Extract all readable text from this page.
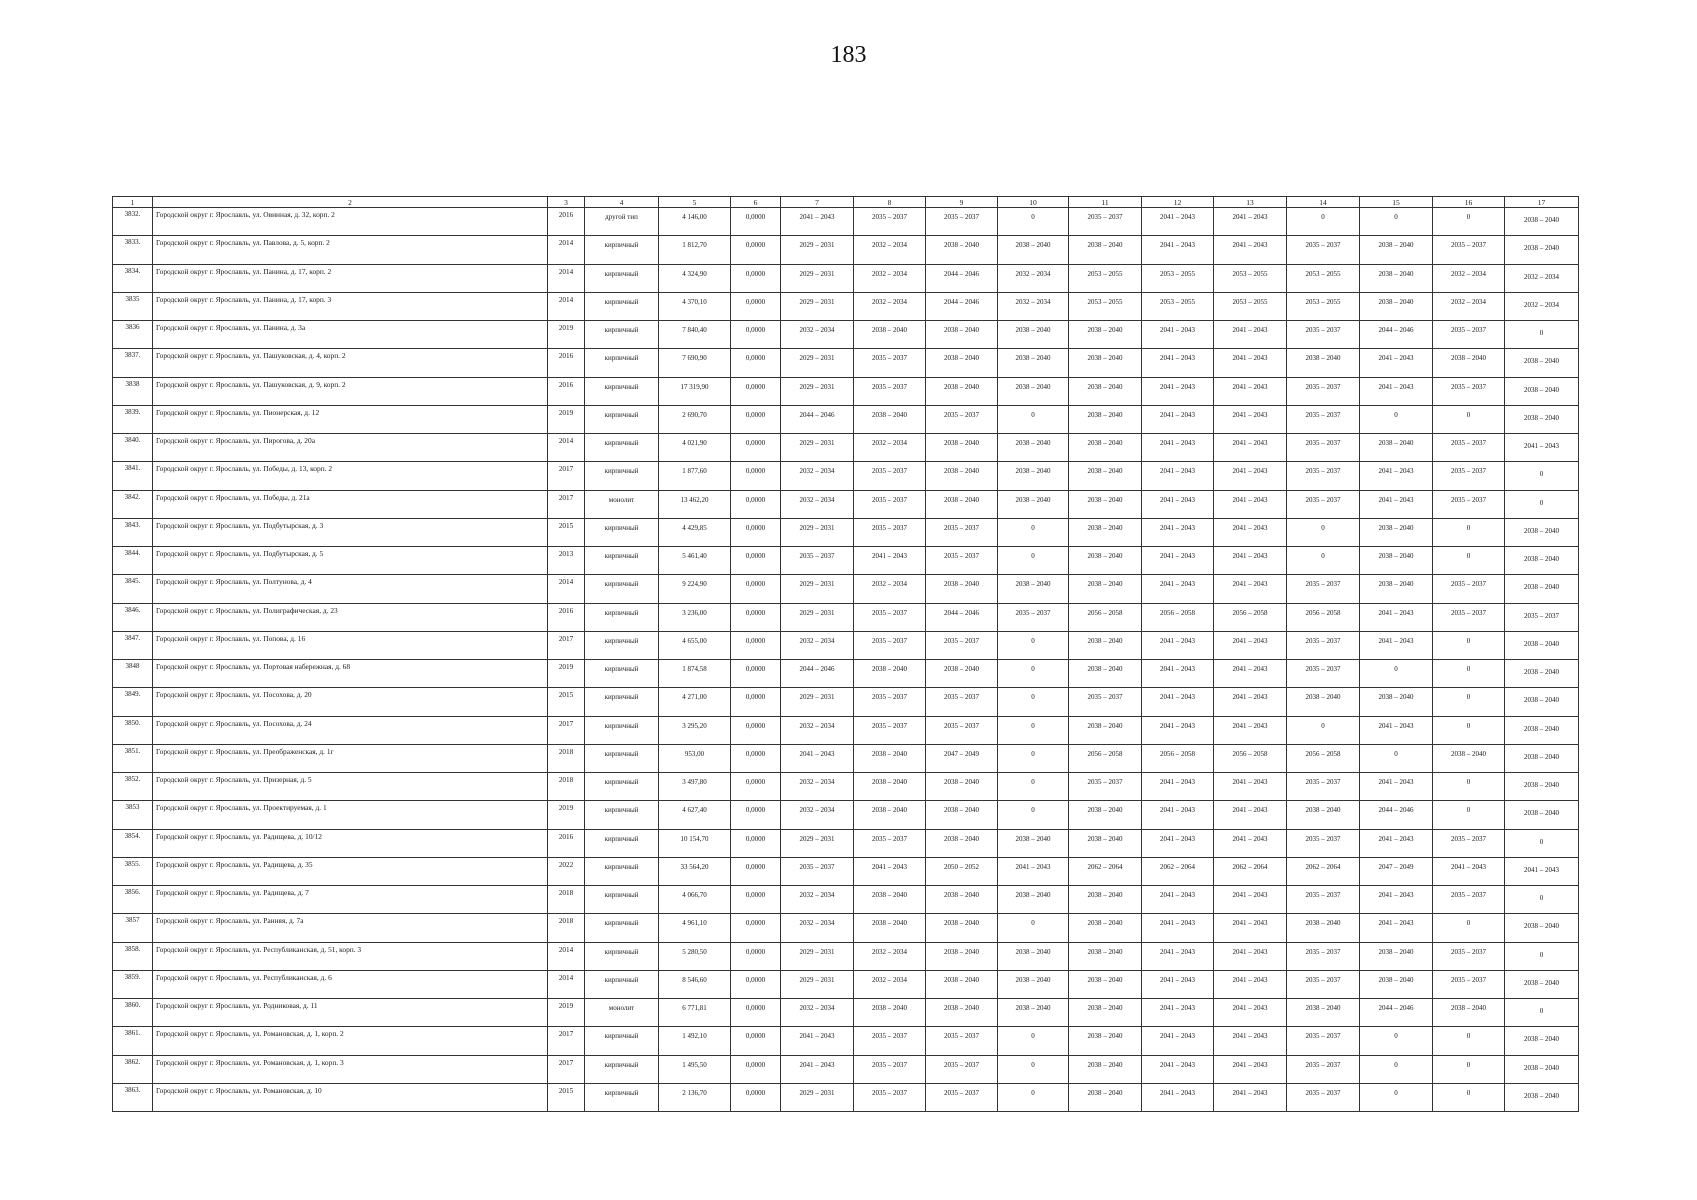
183
1	2	3	4	5	6	7	8	9	10	11	12	13	14	15	16	17
3832.	Городской округ г. Ярославль, ул. Овинная, д. 32, корп. 2	2016	другой тип	4 146,00	0,0000	2041 – 2043	2035 – 2037	2035 – 2037	0	2035 – 2037	2041 – 2043	2041 – 2043	0	0	0	2038 – 2040
3833.	Городской округ г. Ярославль, ул. Павлова, д. 5, корп. 2	2014	кирпичный	1 812,70	0,0000	2029 – 2031	2032 – 2034	2038 – 2040	2038 – 2040	2038 – 2040	2041 – 2043	2041 – 2043	2035 – 2037	2038 – 2040	2035 – 2037	2038 – 2040
3834.	Городской округ г. Ярославль, ул. Панина, д. 17, корп. 2	2014	кирпичный	4 324,90	0,0000	2029 – 2031	2032 – 2034	2044 – 2046	2032 – 2034	2053 – 2055	2053 – 2055	2053 – 2055	2053 – 2055	2038 – 2040	2032 – 2034	2032 – 2034
3835	Городской округ г. Ярославль, ул. Панина, д. 17, корп. 3	2014	кирпичный	4 370,10	0,0000	2029 – 2031	2032 – 2034	2044 – 2046	2032 – 2034	2053 – 2055	2053 – 2055	2053 – 2055	2053 – 2055	2038 – 2040	2032 – 2034	2032 – 2034
3836	Городской округ г. Ярославль, ул. Панина, д. 3а	2019	кирпичный	7 840,40	0,0000	2032 – 2034	2038 – 2040	2038 – 2040	2038 – 2040	2038 – 2040	2041 – 2043	2041 – 2043	2035 – 2037	2044 – 2046	2035 – 2037	0
3837.	Городской округ г. Ярославль, ул. Пашуковская, д. 4, корп. 2	2016	кирпичный	7 690,90	0,0000	2029 – 2031	2035 – 2037	2038 – 2040	2038 – 2040	2038 – 2040	2041 – 2043	2041 – 2043	2038 – 2040	2041 – 2043	2038 – 2040	2038 – 2040
3838	Городской округ г. Ярославль, ул. Пашуковская, д. 9, корп. 2	2016	кирпичный	17 319,90	0,0000	2029 – 2031	2035 – 2037	2038 – 2040	2038 – 2040	2038 – 2040	2041 – 2043	2041 – 2043	2035 – 2037	2041 – 2043	2035 – 2037	2038 – 2040
3839.	Городской округ г. Ярославль, ул. Пионерская, д. 12	2019	кирпичный	2 690,70	0,0000	2044 – 2046	2038 – 2040	2035 – 2037	0	2038 – 2040	2041 – 2043	2041 – 2043	2035 – 2037	0	0	2038 – 2040
3840.	Городской округ г. Ярославль, ул. Пирогова, д. 20а	2014	кирпичный	4 021,90	0,0000	2029 – 2031	2032 – 2034	2038 – 2040	2038 – 2040	2038 – 2040	2041 – 2043	2041 – 2043	2035 – 2037	2038 – 2040	2035 – 2037	2041 – 2043
3841.	Городской округ г. Ярославль, ул. Победы, д. 13, корп. 2	2017	кирпичный	1 877,60	0,0000	2032 – 2034	2035 – 2037	2038 – 2040	2038 – 2040	2038 – 2040	2041 – 2043	2041 – 2043	2035 – 2037	2041 – 2043	2035 – 2037	0
3842.	Городской округ г. Ярославль, ул. Победы, д. 21а	2017	монолит	13 462,20	0,0000	2032 – 2034	2035 – 2037	2038 – 2040	2038 – 2040	2038 – 2040	2041 – 2043	2041 – 2043	2035 – 2037	2041 – 2043	2035 – 2037	0
3843.	Городской округ г. Ярославль, ул. Подбутырская, д. 3	2015	кирпичный	4 429,85	0,0000	2029 – 2031	2035 – 2037	2035 – 2037	0	2038 – 2040	2041 – 2043	2041 – 2043	0	2038 – 2040	0	2038 – 2040
3844.	Городской округ г. Ярославль, ул. Подбутырская, д. 5	2013	кирпичный	5 461,40	0,0000	2035 – 2037	2041 – 2043	2035 – 2037	0	2038 – 2040	2041 – 2043	2041 – 2043	0	2038 – 2040	0	2038 – 2040
3845.	Городской округ г. Ярославль, ул. Полтунова, д. 4	2014	кирпичный	9 224,90	0,0000	2029 – 2031	2032 – 2034	2038 – 2040	2038 – 2040	2038 – 2040	2041 – 2043	2041 – 2043	2035 – 2037	2038 – 2040	2035 – 2037	2038 – 2040
3846.	Городской округ г. Ярославль, ул. Полиграфическая, д. 23	2016	кирпичный	3 236,00	0,0000	2029 – 2031	2035 – 2037	2044 – 2046	2035 – 2037	2056 – 2058	2056 – 2058	2056 – 2058	2056 – 2058	2041 – 2043	2035 – 2037	2035 – 2037
3847.	Городской округ г. Ярославль, ул. Попова, д. 16	2017	кирпичный	4 655,00	0,0000	2032 – 2034	2035 – 2037	2035 – 2037	0	2038 – 2040	2041 – 2043	2041 – 2043	2035 – 2037	2041 – 2043	0	2038 – 2040
3848	Городской округ г. Ярославль, ул. Портовая набережная, д. 68	2019	кирпичный	1 874,58	0,0000	2044 – 2046	2038 – 2040	2038 – 2040	0	2038 – 2040	2041 – 2043	2041 – 2043	2035 – 2037	0	0	2038 – 2040
3849.	Городской округ г. Ярославль, ул. Посохова, д. 20	2015	кирпичный	4 271,00	0,0000	2029 – 2031	2035 – 2037	2035 – 2037	0	2035 – 2037	2041 – 2043	2041 – 2043	2038 – 2040	2038 – 2040	0	2038 – 2040
3850.	Городской округ г. Ярославль, ул. Посохова, д. 24	2017	кирпичный	3 295,20	0,0000	2032 – 2034	2035 – 2037	2035 – 2037	0	2038 – 2040	2041 – 2043	2041 – 2043	0	2041 – 2043	0	2038 – 2040
3851.	Городской округ г. Ярославль, ул. Преображенская, д. 1г	2018	кирпичный	953,00	0,0000	2041 – 2043	2038 – 2040	2047 – 2049	0	2056 – 2058	2056 – 2058	2056 – 2058	2056 – 2058	0	2038 – 2040	2038 – 2040
3852.	Городской округ г. Ярославль, ул. Призерная, д. 5	2018	кирпичный	3 497,80	0,0000	2032 – 2034	2038 – 2040	2038 – 2040	0	2035 – 2037	2041 – 2043	2041 – 2043	2035 – 2037	2041 – 2043	0	2038 – 2040
3853	Городской округ г. Ярославль, ул. Проектируемая, д. 1	2019	кирпичный	4 627,40	0,0000	2032 – 2034	2038 – 2040	2038 – 2040	0	2038 – 2040	2041 – 2043	2041 – 2043	2038 – 2040	2044 – 2046	0	2038 – 2040
3854.	Городской округ г. Ярославль, ул. Радищева, д. 10/12	2016	кирпичный	10 154,70	0,0000	2029 – 2031	2035 – 2037	2038 – 2040	2038 – 2040	2038 – 2040	2041 – 2043	2041 – 2043	2035 – 2037	2041 – 2043	2035 – 2037	0
3855.	Городской округ г. Ярославль, ул. Радищева, д. 35	2022	кирпичный	33 564,20	0,0000	2035 – 2037	2041 – 2043	2050 – 2052	2041 – 2043	2062 – 2064	2062 – 2064	2062 – 2064	2062 – 2064	2047 – 2049	2041 – 2043	2041 – 2043
3856.	Городской округ г. Ярославль, ул. Радищева, д. 7	2018	кирпичный	4 066,70	0,0000	2032 – 2034	2038 – 2040	2038 – 2040	2038 – 2040	2038 – 2040	2041 – 2043	2041 – 2043	2035 – 2037	2041 – 2043	2035 – 2037	0
3857	Городской округ г. Ярославль, ул. Ранняя, д. 7а	2018	кирпичный	4 961,10	0,0000	2032 – 2034	2038 – 2040	2038 – 2040	0	2038 – 2040	2041 – 2043	2041 – 2043	2038 – 2040	2041 – 2043	0	2038 – 2040
3858.	Городской округ г. Ярославль, ул. Республиканская, д. 51, корп. 3	2014	кирпичный	5 280,50	0,0000	2029 – 2031	2032 – 2034	2038 – 2040	2038 – 2040	2038 – 2040	2041 – 2043	2041 – 2043	2035 – 2037	2038 – 2040	2035 – 2037	0
3859.	Городской округ г. Ярославль, ул. Республиканская, д. 6	2014	кирпичный	8 546,60	0,0000	2029 – 2031	2032 – 2034	2038 – 2040	2038 – 2040	2038 – 2040	2041 – 2043	2041 – 2043	2035 – 2037	2038 – 2040	2035 – 2037	2038 – 2040
3860.	Городской округ г. Ярославль, ул. Родниковая, д. 11	2019	монолит	6 771,81	0,0000	2032 – 2034	2038 – 2040	2038 – 2040	2038 – 2040	2038 – 2040	2041 – 2043	2041 – 2043	2038 – 2040	2044 – 2046	2038 – 2040	0
3861.	Городской округ г. Ярославль, ул. Романовская, д. 1, корп. 2	2017	кирпичный	1 492,10	0,0000	2041 – 2043	2035 – 2037	2035 – 2037	0	2038 – 2040	2041 – 2043	2041 – 2043	2035 – 2037	0	0	2038 – 2040
3862.	Городской округ г. Ярославль, ул. Романовская, д. 1, корп. 3	2017	кирпичный	1 495,50	0,0000	2041 – 2043	2035 – 2037	2035 – 2037	0	2038 – 2040	2041 – 2043	2041 – 2043	2035 – 2037	0	0	2038 – 2040
3863.	Городской округ г. Ярославль, ул. Романовская, д. 10	2015	кирпичный	2 136,70	0,0000	2029 – 2031	2035 – 2037	2035 – 2037	0	2038 – 2040	2041 – 2043	2041 – 2043	2035 – 2037	0	0	2038 – 2040
